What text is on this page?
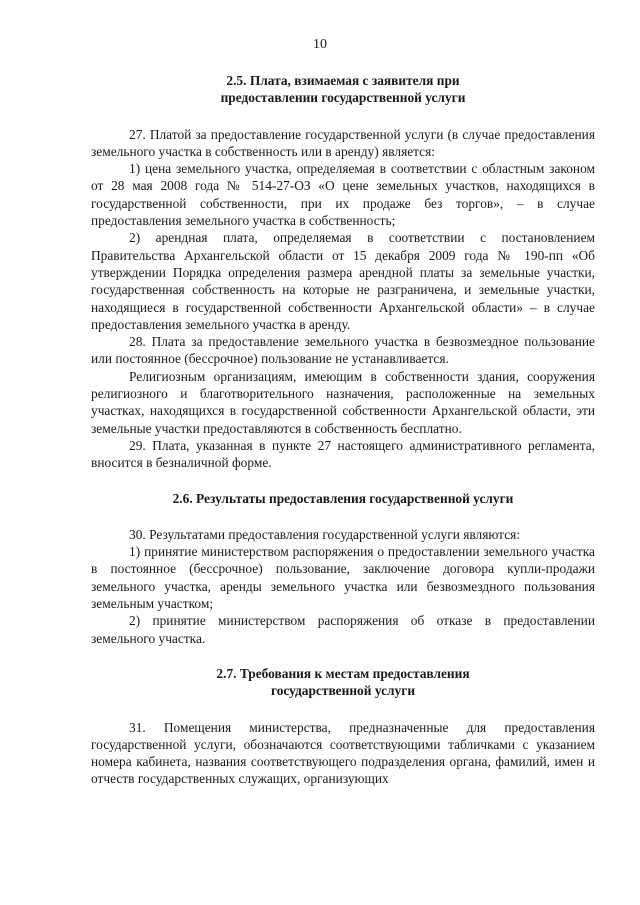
10
2.5. Плата, взимаемая с заявителя при
предоставлении государственной услуги

27. Платой за предоставление государственной услуги (в случае предоставления земельного участка в собственность или в аренду) является:

1) цена земельного участка, определяемая в соответствии с областным законом от 28 мая 2008 года № 514-27-ОЗ «О цене земельных участков, находящихся в государственной собственности, при их продаже без торгов», – в случае предоставления земельного участка в собственность;

2) арендная плата, определяемая в соответствии с постановлением Правительства Архангельской области от 15 декабря 2009 года № 190-пп «Об утверждении Порядка определения размера арендной платы за земельные участки, государственная собственность на которые не разграничена, и земельные участки, находящиеся в государственной собственности Архангельской области» – в случае предоставления земельного участка в аренду.

28. Плата за предоставление земельного участка в безвозмездное пользование или постоянное (бессрочное) пользование не устанавливается.

Религиозным организациям, имеющим в собственности здания, сооружения религиозного и благотворительного назначения, расположенные на земельных участках, находящихся в государственной собственности Архангельской области, эти земельные участки предоставляются в собственность бесплатно.

29. Плата, указанная в пункте 27 настоящего административного регламента, вносится в безналичной форме.

2.6. Результаты предоставления государственной услуги

30. Результатами предоставления государственной услуги являются:

1) принятие министерством распоряжения о предоставлении земельного участка в постоянное (бессрочное) пользование, заключение договора купли-продажи земельного участка, аренды земельного участка или безвозмездного пользования земельным участком;

2) принятие министерством распоряжения об отказе в предоставлении земельного участка.

2.7. Требования к местам предоставления
государственной услуги

31. Помещения министерства, предназначенные для предоставления государственной услуги, обозначаются соответствующими табличками с указанием номера кабинета, названия соответствующего подразделения органа, фамилий, имен и отчеств государственных служащих, организующих
